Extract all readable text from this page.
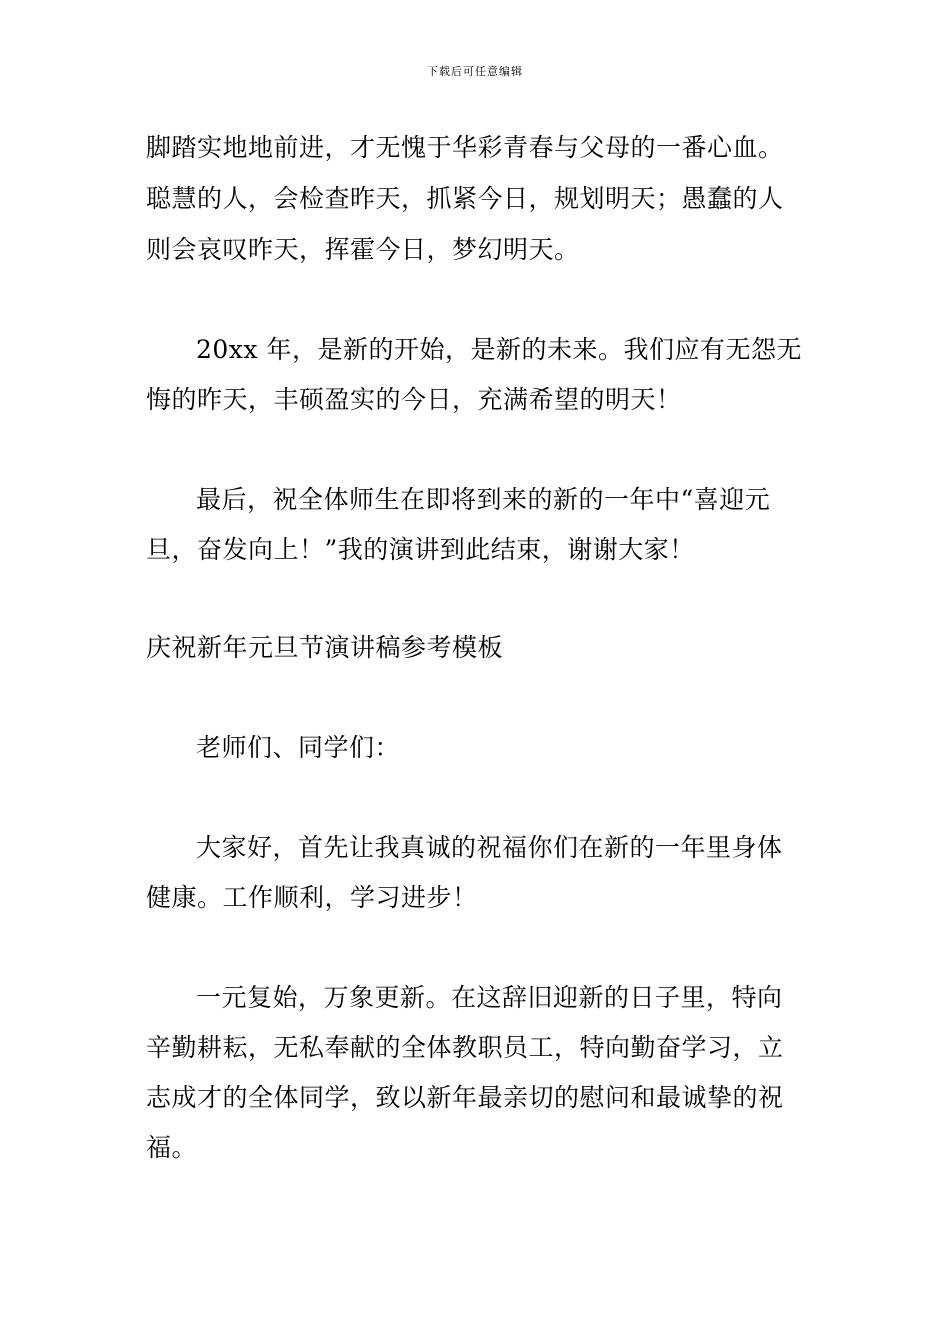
下载后可任意编辑
脚踏实地地前进，才无愧于华彩青春与父母的一番心血。
聪慧的人，会检查昨天，抓紧今日，规划明天；愚蠢的人
则会哀叹昨天，挥霍今日，梦幻明天。
20xx 年，是新的开始，是新的未来。我们应有无怨无
悔的昨天，丰硕盈实的今日，充满希望的明天！
最后，祝全体师生在即将到来的新的一年中“喜迎元
旦，奋发向上！”我的演讲到此结束，谢谢大家！
庆祝新年元旦节演讲稿参考模板
老师们、同学们：
大家好，首先让我真诚的祝福你们在新的一年里身体
健康。工作顺利，学习进步！
一元复始，万象更新。在这辞旧迎新的日子里，特向
辛勤耕耘，无私奉献的全体教职员工，特向勤奋学习，立
志成才的全体同学，致以新年最亲切的慰问和最诚挚的祝
福。
